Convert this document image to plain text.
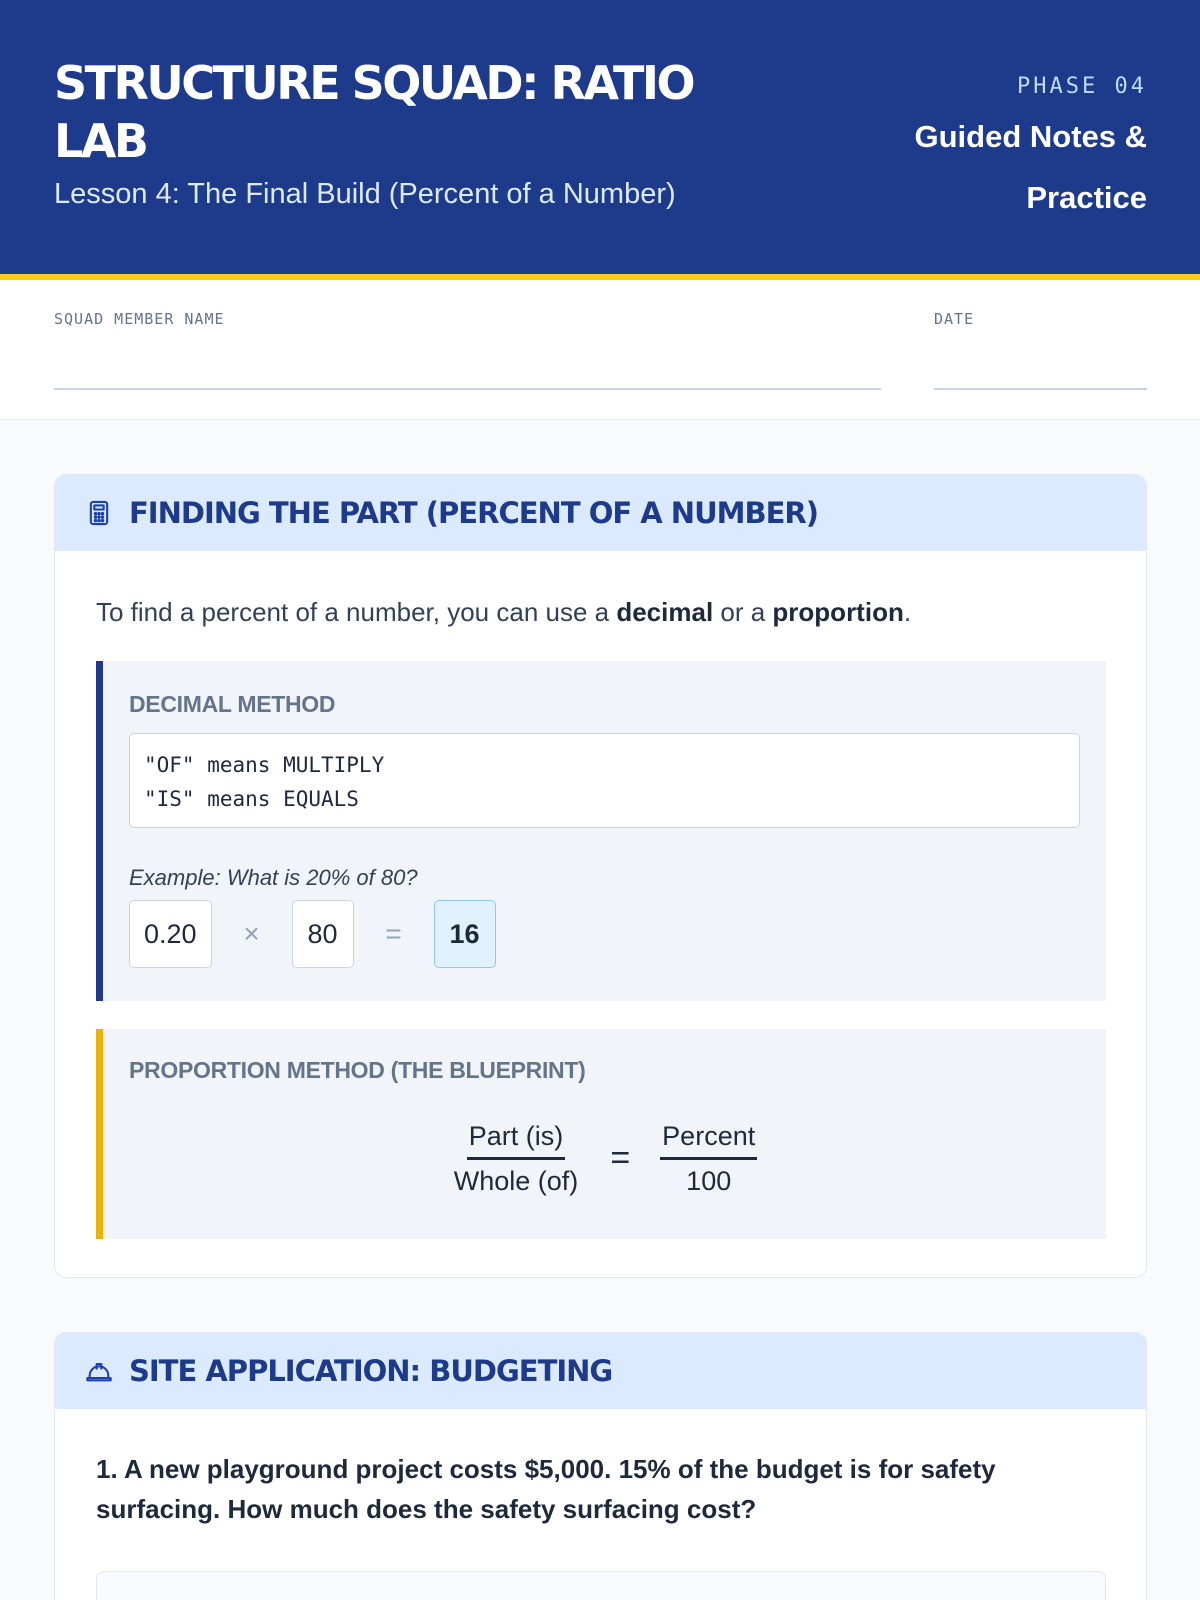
STRUCTURE SQUAD: RATIO LAB
Lesson 4: The Final Build (Percent of a Number)
PHASE 04
Guided Notes & Practice
SQUAD MEMBER NAME	DATE
FINDING THE PART (PERCENT OF A NUMBER)

To find a percent of a number, you can use a decimal or a proportion.

DECIMAL METHOD
"OF" means MULTIPLY
"IS" means EQUALS
Example: What is 20% of 80?
0.20	×	80	=	16
PROPORTION METHOD (THE BLUEPRINT)
$\frac{\text{Part (is)}}{\text{Whole (of)}} = \frac{\text{Percent}}{100}$
SITE APPLICATION: BUDGETING

1. A new playground project costs $5,000. 15% of the budget is for safety surfacing. How much does the safety surfacing cost?
